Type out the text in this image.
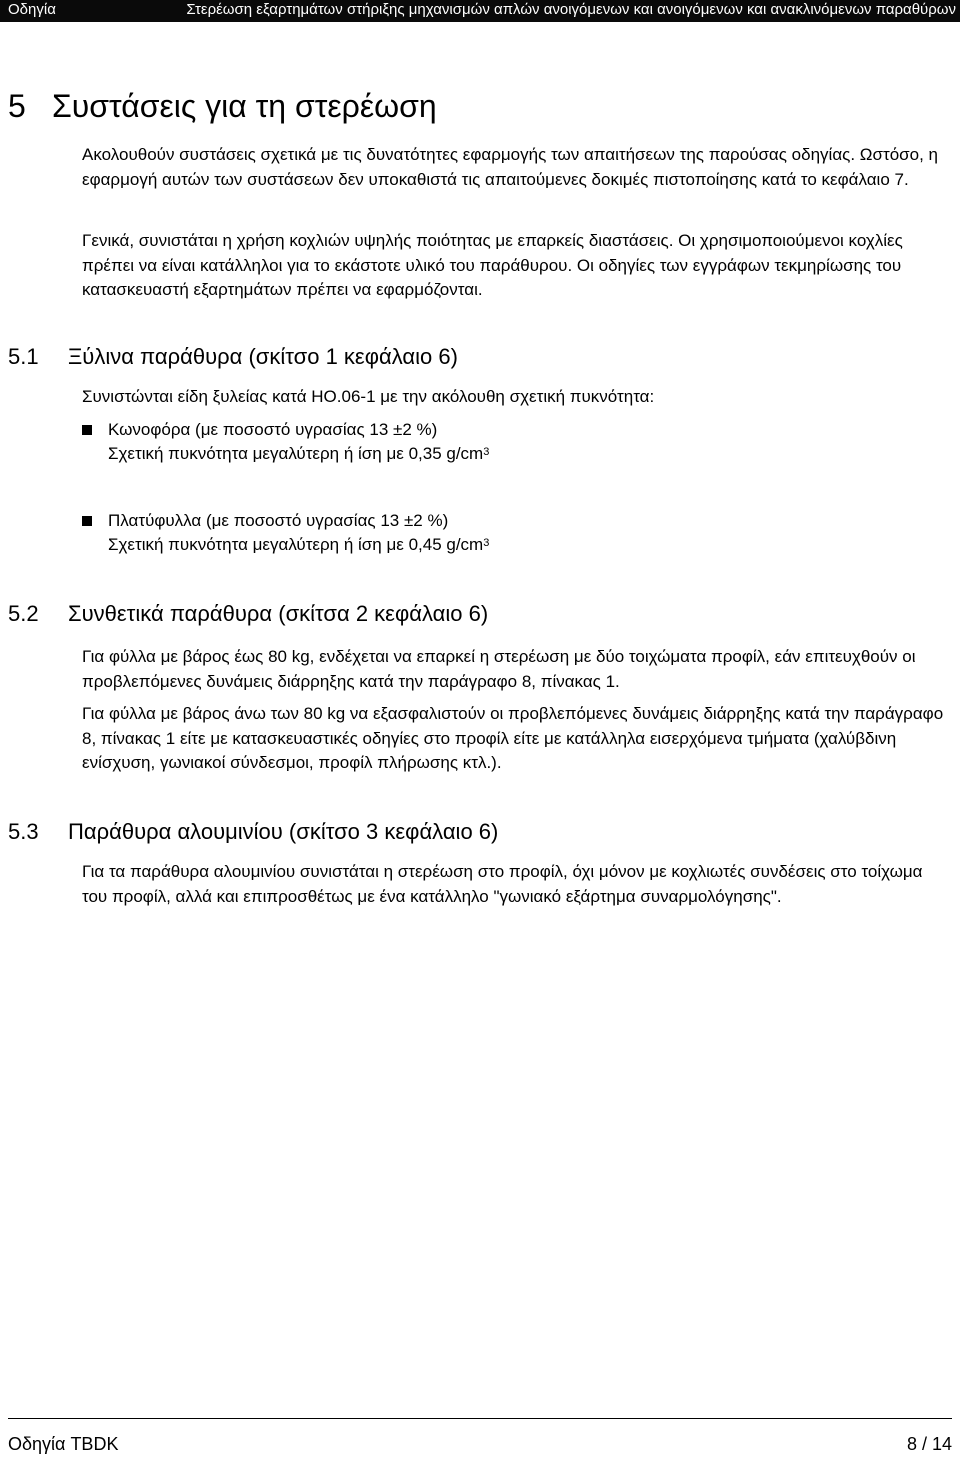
Οδηγία	Στερέωση εξαρτημάτων στήριξης μηχανισμών απλών ανοιγόμενων και ανοιγόμενων και ανακλινόμενων παραθύρων
5 Συστάσεις για τη στερέωση

Ακολουθούν συστάσεις σχετικά με τις δυνατότητες εφαρμογής των απαιτήσεων της παρούσας οδηγίας. Ωστόσο, η εφαρμογή αυτών των συστάσεων δεν υποκαθιστά τις απαιτούμενες δοκιμές πιστοποίησης κατά το κεφάλαιο 7.

Γενικά, συνιστάται η χρήση κοχλιών υψηλής ποιότητας με επαρκείς διαστάσεις. Οι χρησιμοποιούμενοι κοχλίες πρέπει να είναι κατάλληλοι για το εκάστοτε υλικό του παράθυρου. Οι οδηγίες των εγγράφων τεκμηρίωσης του κατασκευαστή εξαρτημάτων πρέπει να εφαρμόζονται.

5.1 Ξύλινα παράθυρα (σκίτσο 1 κεφάλαιο 6)

Συνιστώνται είδη ξυλείας κατά HO.06-1 με την ακόλουθη σχετική πυκνότητα:

Κωνοφόρα (με ποσοστό υγρασίας 13 ±2 %)
Σχετική πυκνότητα μεγαλύτερη ή ίση με 0,35 $g/cm^3$
Πλατύφυλλα (με ποσοστό υγρασίας 13 ±2 %)
Σχετική πυκνότητα μεγαλύτερη ή ίση με 0,45 $g/cm^3$
5.2 Συνθετικά παράθυρα (σκίτσα 2 κεφάλαιο 6)

Για φύλλα με βάρος έως 80 kg, ενδέχεται να επαρκεί η στερέωση με δύο τοιχώματα προφίλ, εάν επιτευχθούν οι προβλεπόμενες δυνάμεις διάρρηξης κατά την παράγραφο 8, πίνακας 1.

Για φύλλα με βάρος άνω των 80 kg να εξασφαλιστούν οι προβλεπόμενες δυνάμεις διάρρηξης κατά την παράγραφο 8, πίνακας 1 είτε με κατασκευαστικές οδηγίες στο προφίλ είτε με κατάλληλα εισερχόμενα τμήματα (χαλύβδινη ενίσχυση, γωνιακοί σύνδεσμοι, προφίλ πλήρωσης κτλ.).

5.3 Παράθυρα αλουμινίου (σκίτσο 3 κεφάλαιο 6)

Για τα παράθυρα αλουμινίου συνιστάται η στερέωση στο προφίλ, όχι μόνον με κοχλιωτές συνδέσεις στο τοίχωμα του προφίλ, αλλά και επιπροσθέτως με ένα κατάλληλο "γωνιακό εξάρτημα συναρμολόγησης".

Οδηγία TBDK	8 / 14
